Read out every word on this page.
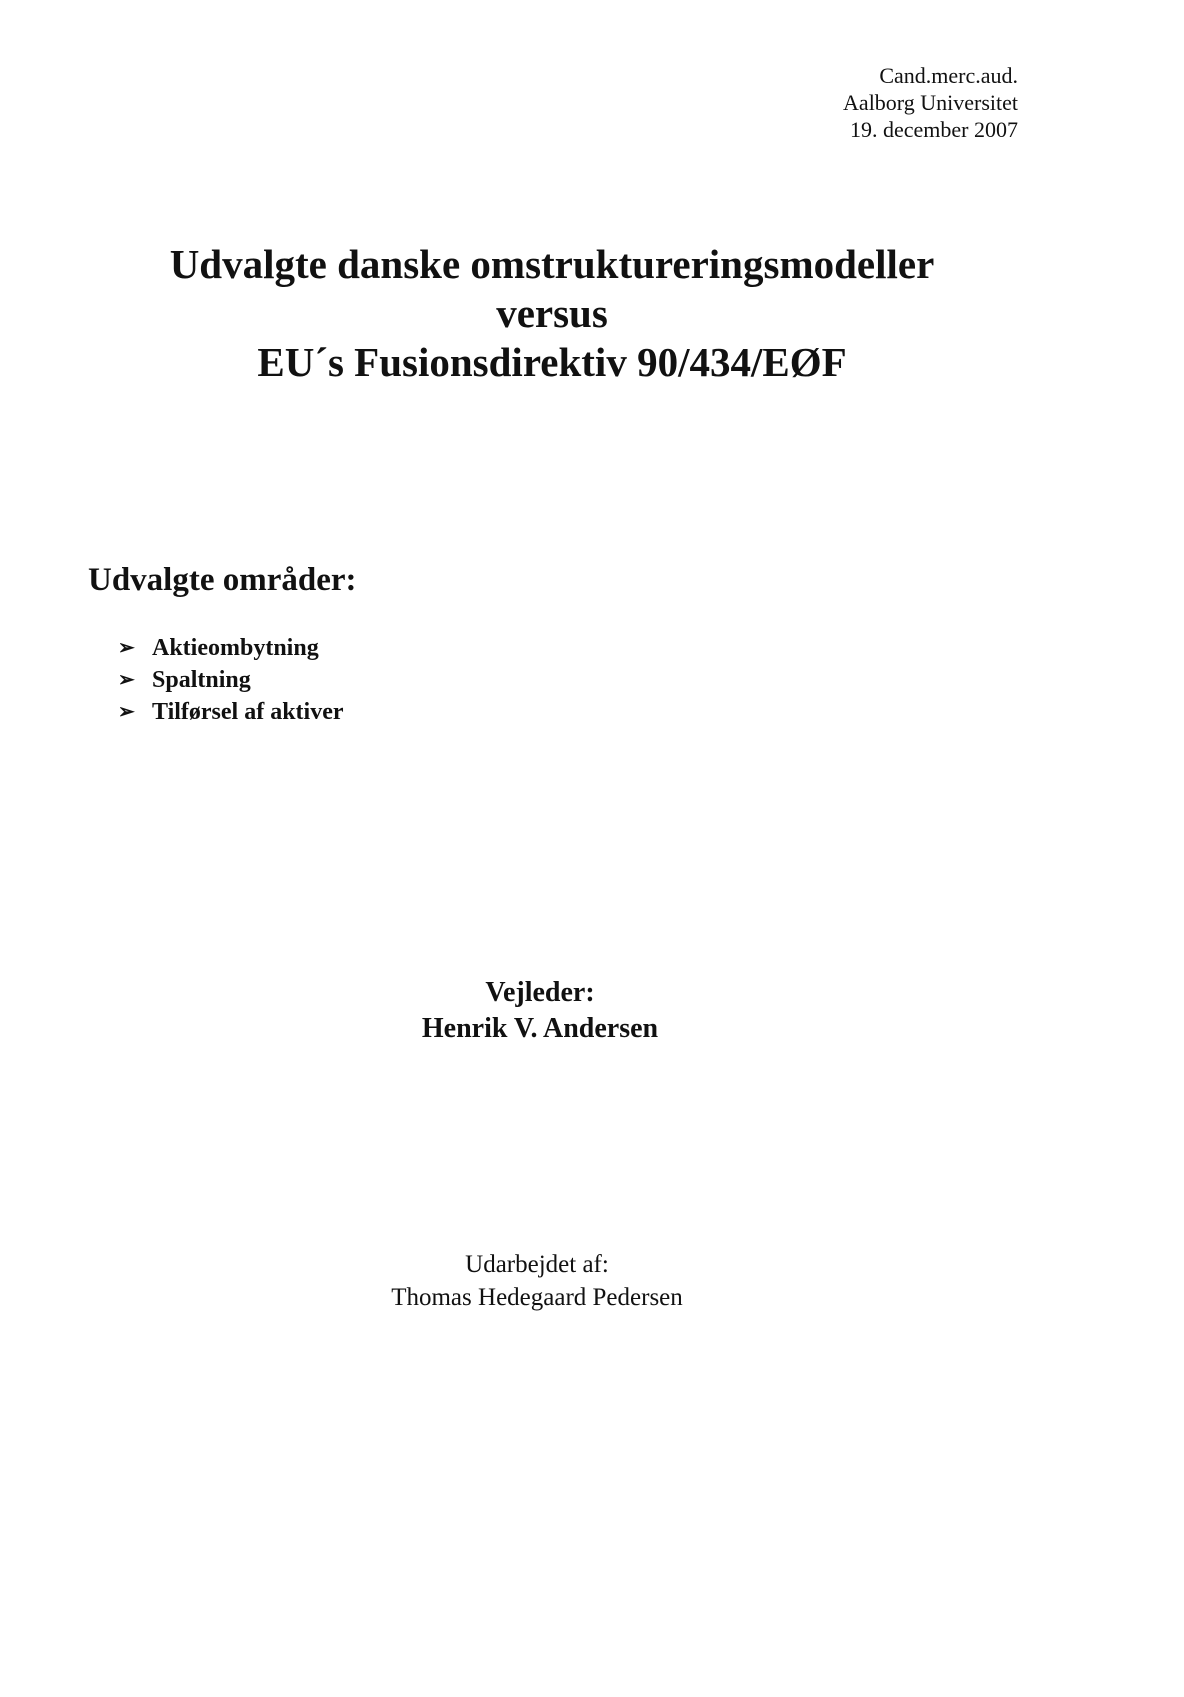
Cand.merc.aud.
Aalborg Universitet
19. december 2007
Udvalgte danske omstruktureringsmodeller
versus
EU´s Fusionsdirektiv 90/434/EØF
Udvalgte områder:
➢ Aktieombytning
➢ Spaltning
➢ Tilførsel af aktiver
Vejleder:
Henrik V. Andersen
Udarbejdet af:
Thomas Hedegaard Pedersen
